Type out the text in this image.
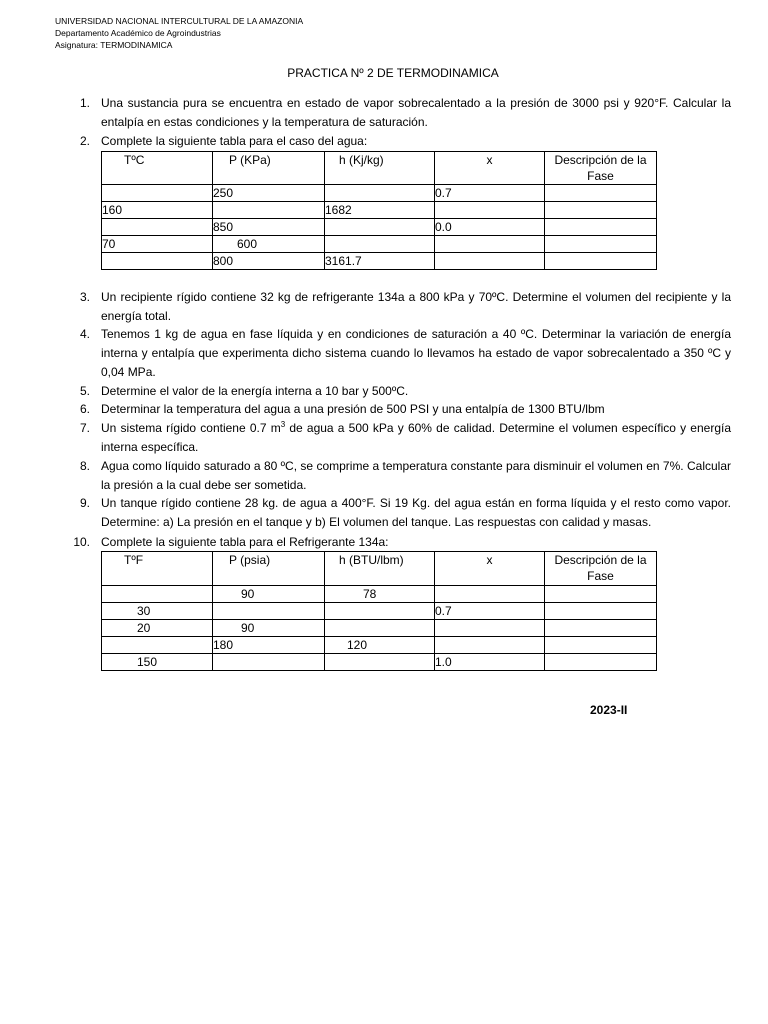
UNIVERSIDAD NACIONAL INTERCULTURAL DE LA AMAZONIA
Departamento Académico de Agroindustrias
Asignatura: TERMODINAMICA
PRACTICA Nº 2 DE TERMODINAMICA
1. Una sustancia pura se encuentra en estado de vapor sobrecalentado a la presión de 3000 psi y 920°F. Calcular la entalpía en estas condiciones y la temperatura de saturación.
2. Complete la siguiente tabla para el caso del agua:
TºC	P (KPa)	h (Kj/kg)	x	Descripción de la Fase
	250		0.7	
160		1682		
	850		0.0	
70	600			
	800	3161.7		
3. Un recipiente rígido contiene 32 kg de refrigerante 134a a 800 kPa y 70ºC. Determine el volumen del recipiente y la energía total.
4. Tenemos 1 kg de agua en fase líquida y en condiciones de saturación a 40 ºC. Determinar la variación de energía interna y entalpía que experimenta dicho sistema cuando lo llevamos ha estado de vapor sobrecalentado a 350 ºC y 0,04 MPa.
5. Determine el valor de la energía interna a 10 bar y 500ºC.
6. Determinar la temperatura del agua a una presión de 500 PSI y una entalpía de 1300 BTU/lbm
7. Un sistema rígido contiene 0.7 $m^3$ de agua a 500 kPa y 60% de calidad. Determine el volumen específico y energía interna específica.
8. Agua como líquido saturado a 80 ºC, se comprime a temperatura constante para disminuir el volumen en 7%. Calcular la presión a la cual debe ser sometida.
9. Un tanque rígido contiene 28 kg. de agua a 400°F. Si 19 Kg. del agua están en forma líquida y el resto como vapor. Determine: a) La presión en el tanque y b) El volumen del tanque. Las respuestas con calidad y masas.
10. Complete la siguiente tabla para el Refrigerante 134a:
TºF	P (psia)	h (BTU/lbm)	x	Descripción de la Fase
	90	78		
30			0.7	
20	90			
	180	120		
150			1.0	
2023-II
